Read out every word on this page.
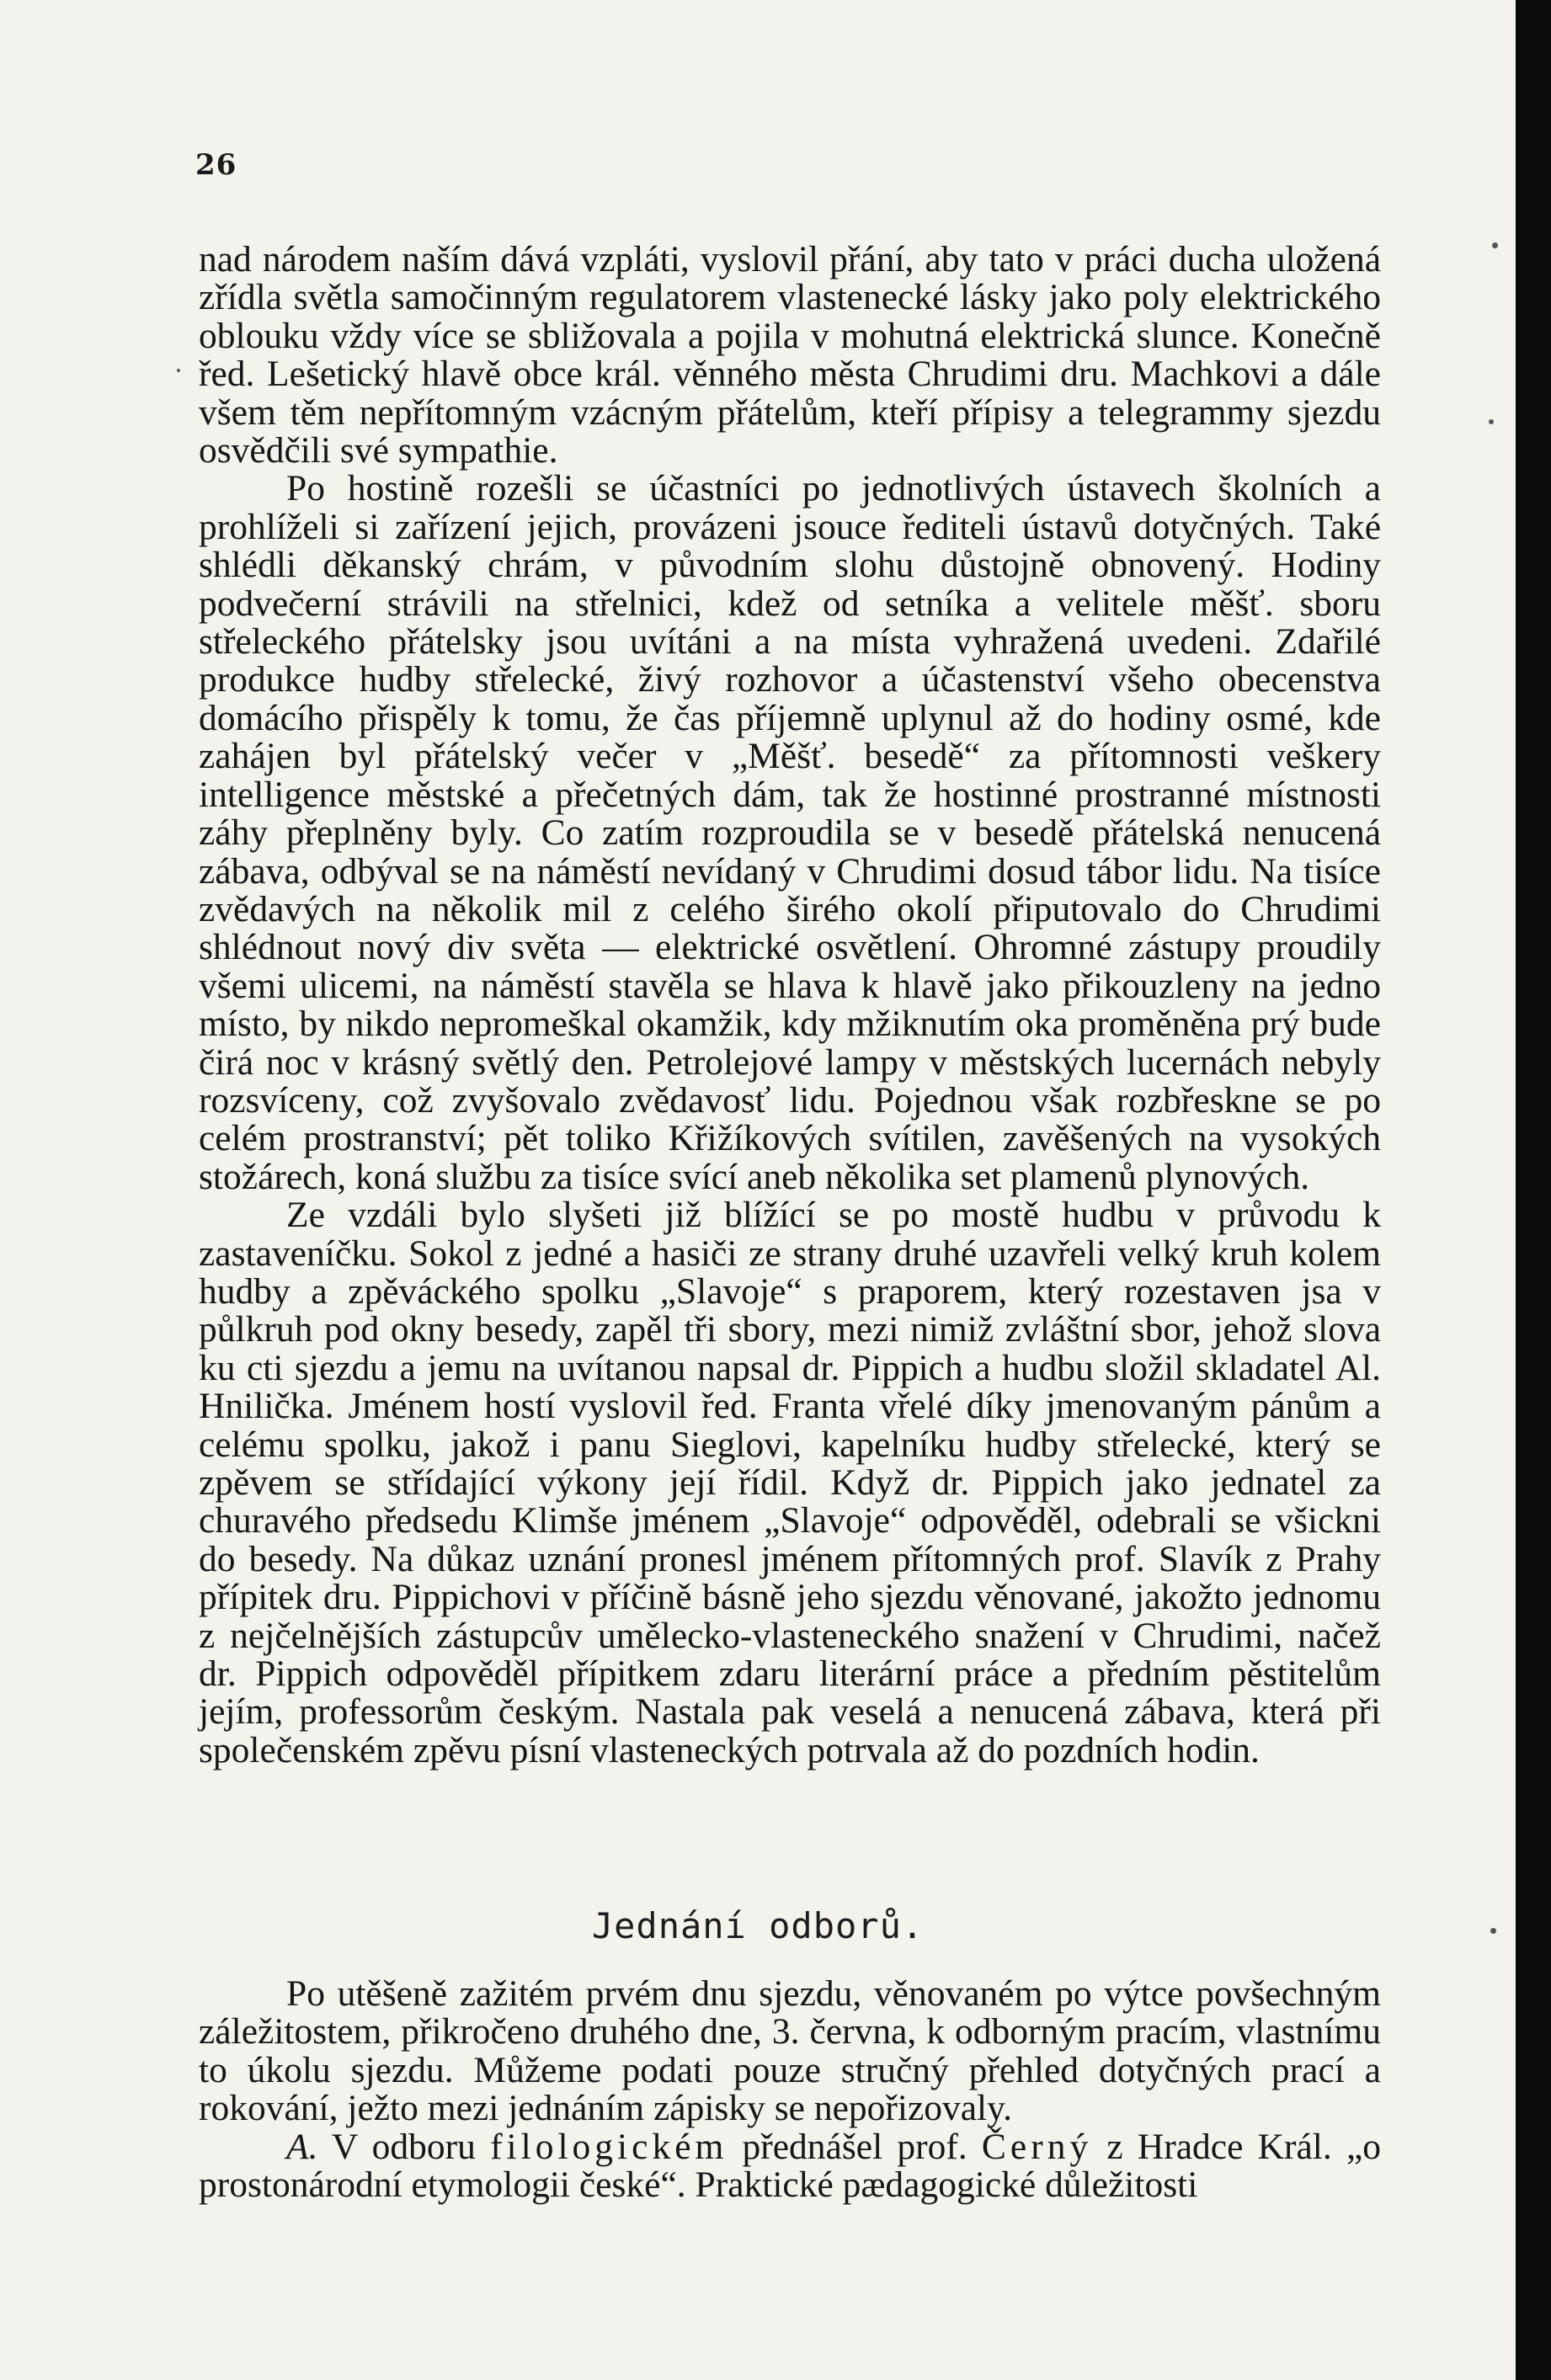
26

nad národem naším dává vzpláti, vyslovil přání, aby tato v práci ducha uložená zřídla světla samočinným regulatorem vlastenecké lásky jako poly elektrického oblouku vždy více se sbližovala a pojila v mohutná elektrická slunce. Konečně řed. Lešetický hlavě obce král. věnného města Chrudimi dru. Machkovi a dále všem těm nepřítomným vzácným přátelům, kteří přípisy a telegrammy sjezdu osvědčili své sympathie.

Po hostině rozešli se účastníci po jednotlivých ústavech školních a prohlíželi si zařízení jejich, provázeni jsouce řediteli ústavů dotyčných. Také shlédli děkanský chrám, v původním slohu důstojně obnovený. Hodiny podvečerní strávili na střelnici, kdež od setníka a velitele měšť. sboru střeleckého přátelsky jsou uvítáni a na místa vyhražená uvedeni. Zdařilé produkce hudby střelecké, živý rozhovor a účastenství všeho obecenstva domácího přispěly k tomu, že čas příjemně uplynul až do hodiny osmé, kde zahájen byl přátelský večer v „Měšť. besedě“ za přítomnosti veškery intelligence městské a přečetných dám, tak že hostinné prostranné místnosti záhy přeplněny byly. Co zatím rozproudila se v besedě přátelská nenucená zábava, odbýval se na náměstí nevídaný v Chrudimi dosud tábor lidu. Na tisíce zvědavých na několik mil z celého širého okolí připutovalo do Chrudimi shlédnout nový div světa — elektrické osvětlení. Ohromné zástupy proudily všemi ulicemi, na náměstí stavěla se hlava k hlavě jako přikouzleny na jedno místo, by nikdo nepromeškal okamžik, kdy mžiknutím oka proměněna prý bude čirá noc v krásný světlý den. Petrolejové lampy v městských lucernách nebyly rozsvíceny, což zvyšovalo zvědavosť lidu. Pojednou však rozbřeskne se po celém prostranství; pět toliko Křižíkových svítilen, zavěšených na vysokých stožárech, koná službu za tisíce svící aneb několika set plamenů plynových.

Ze vzdáli bylo slyšeti již blížící se po mostě hudbu v průvodu k zastaveníčku. Sokol z jedné a hasiči ze strany druhé uzavřeli velký kruh kolem hudby a zpěváckého spolku „Slavoje“ s praporem, který rozestaven jsa v půlkruh pod okny besedy, zapěl tři sbory, mezi nimiž zvláštní sbor, jehož slova ku cti sjezdu a jemu na uvítanou napsal dr. Pippich a hudbu složil skladatel Al. Hnilička. Jménem hostí vyslovil řed. Franta vřelé díky jmenovaným pánům a celému spolku, jakož i panu Sieglovi, kapelníku hudby střelecké, který se zpěvem se střídající výkony její řídil. Když dr. Pippich jako jednatel za churavého předsedu Klimše jménem „Slavoje“ odpověděl, odebrali se všickni do besedy. Na důkaz uznání pronesl jménem přítomných prof. Slavík z Prahy přípitek dru. Pippichovi v příčině básně jeho sjezdu věnované, jakožto jednomu z nejčelnějších zástupcův umělecko-vlasteneckého snažení v Chrudimi, načež dr. Pippich odpověděl přípitkem zdaru literární práce a předním pěstitelům jejím, professorům českým. Nastala pak veselá a nenucená zábava, která při společenském zpěvu písní vlasteneckých potrvala až do pozdních hodin.

Jednání odborů.

Po utěšeně zažitém prvém dnu sjezdu, věnovaném po výtce povšechným záležitostem, přikročeno druhého dne, 3. června, k odborným pracím, vlastnímu to úkolu sjezdu. Můžeme podati pouze stručný přehled dotyčných prací a rokování, ježto mezi jednáním zápisky se nepořizovaly.

A. V odboru filologickém přednášel prof. Černý z Hradce Král. „o prostonárodní etymologii české“. Praktické pædagogické důležitosti
